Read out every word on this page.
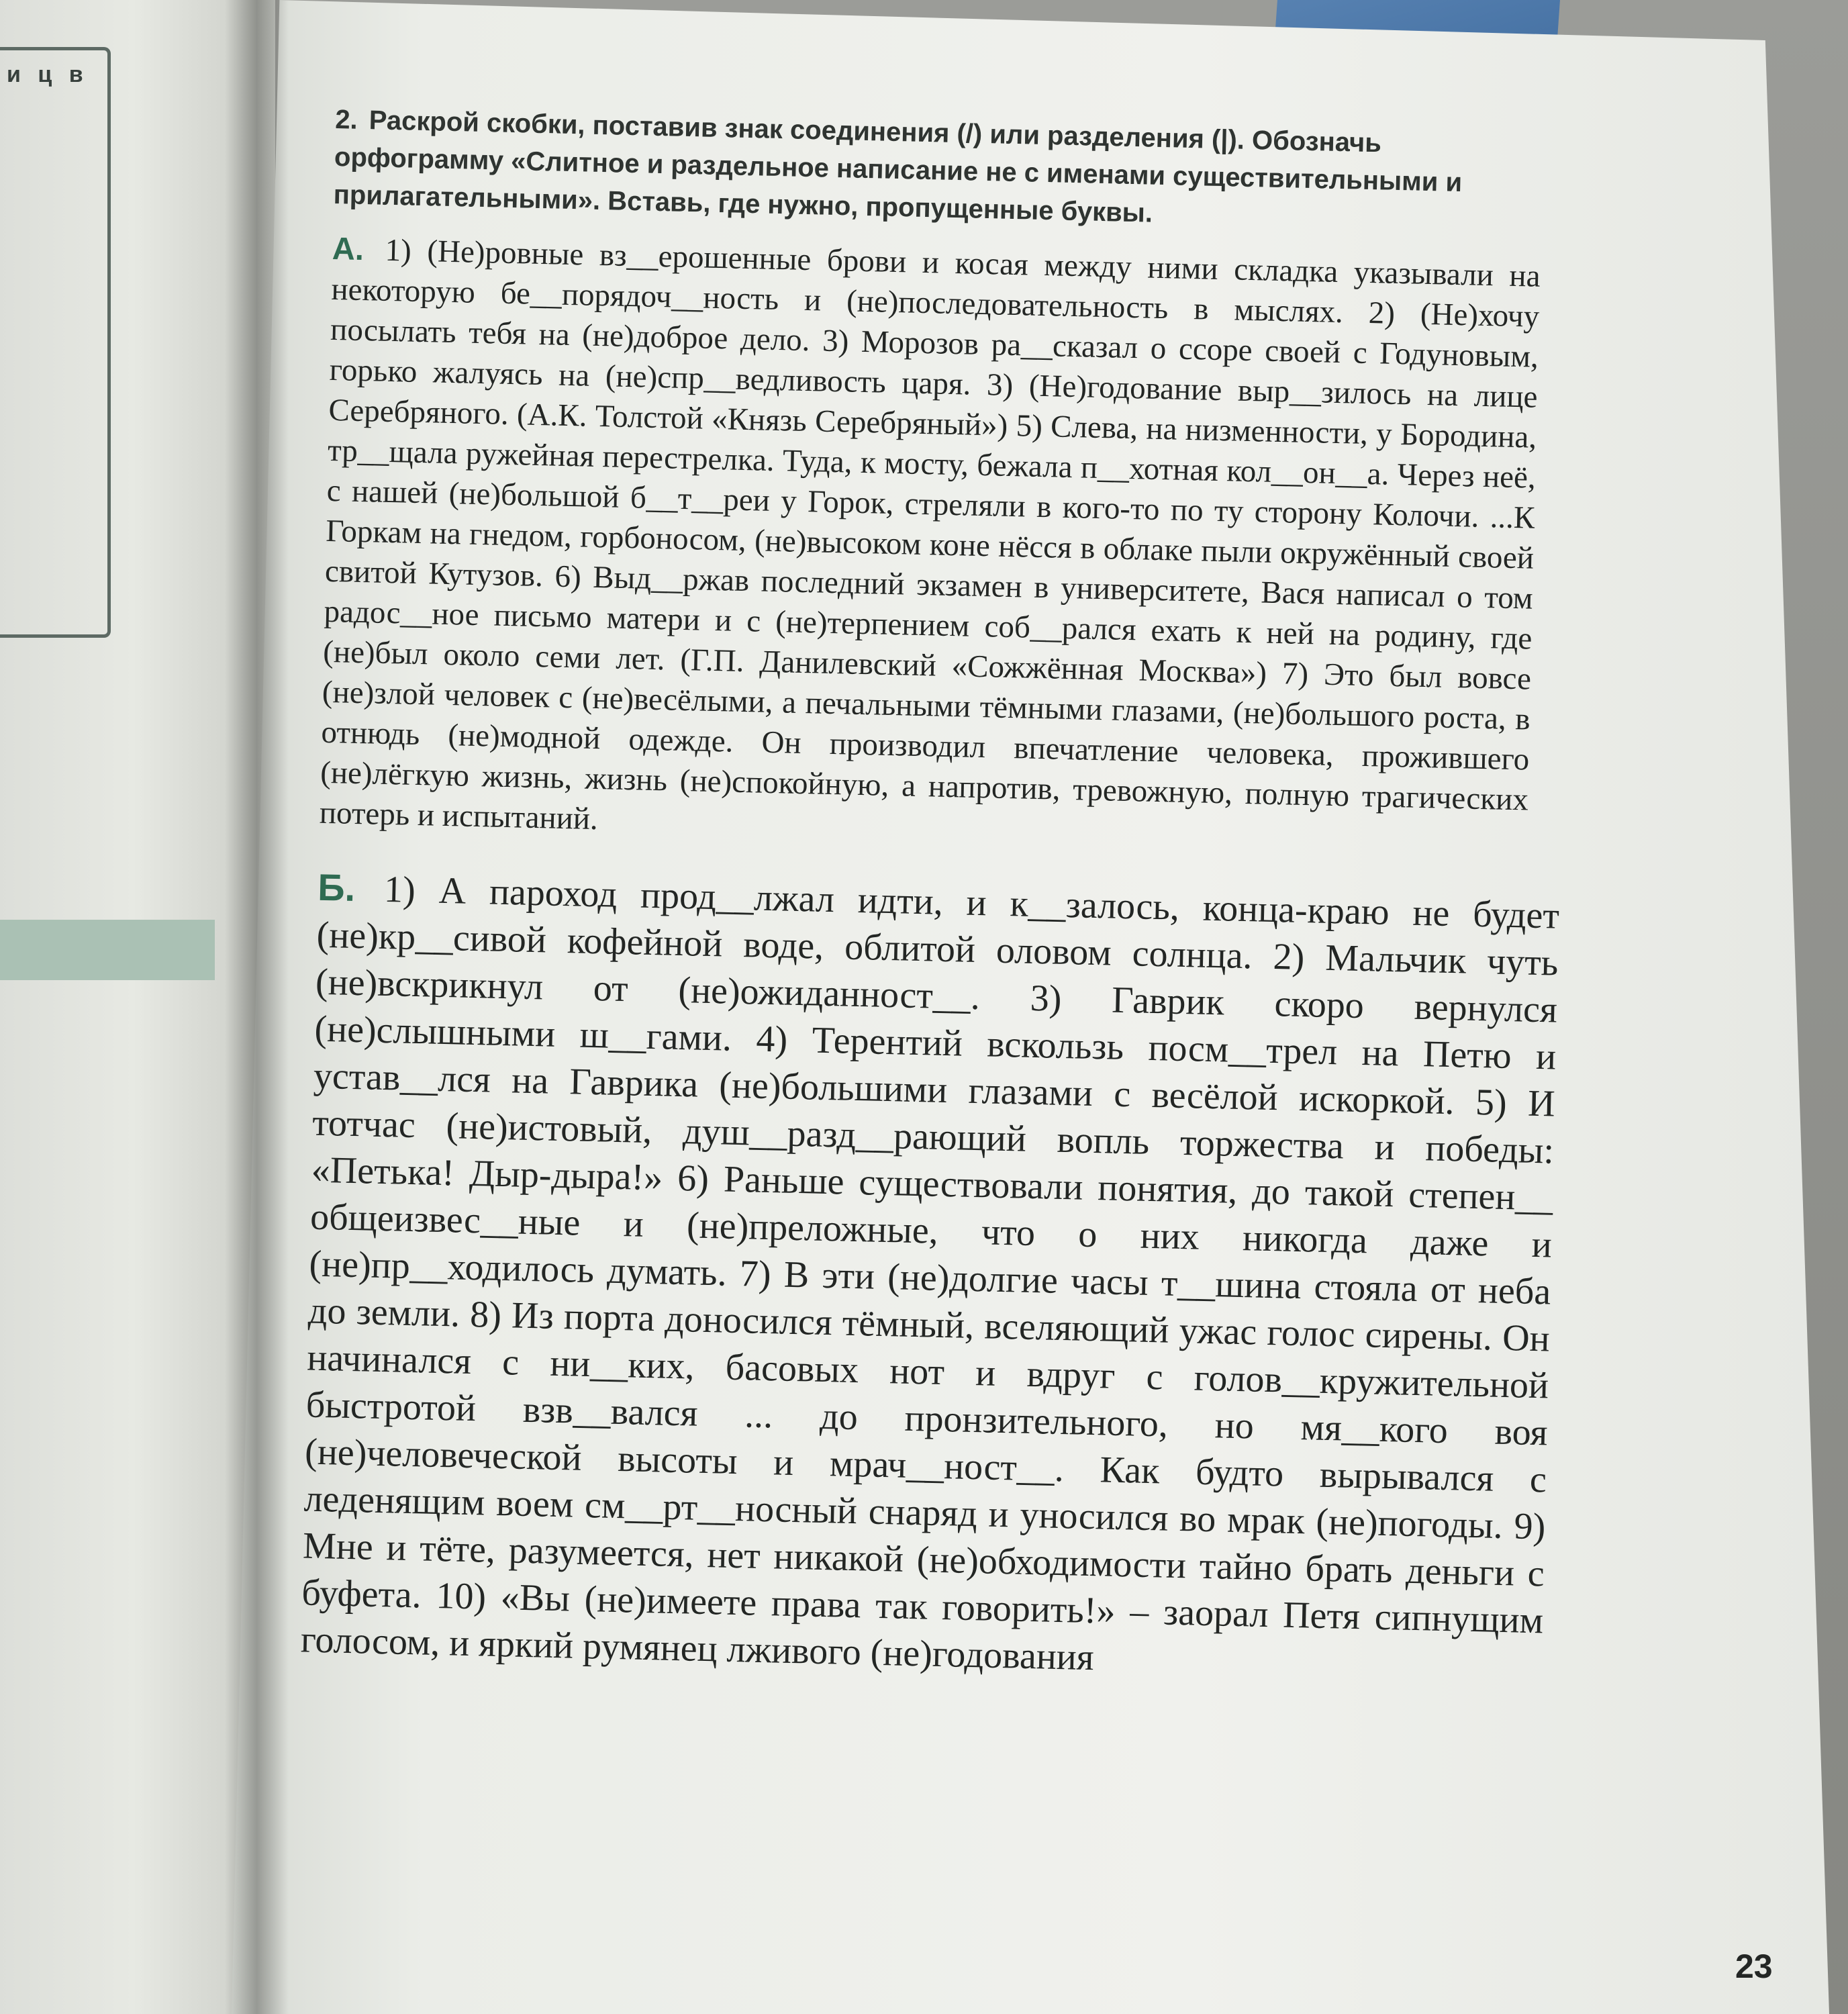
и ц в

2. Раскрой скобки, поставив знак соединения (/) или разделения (|). Обозначь орфограмму «Слитное и раздельное написание не с именами существительными и прилагательными». Вставь, где нужно, пропущенные буквы.

А. 1) (Не)ровные вз__ерошенные брови и косая между ними складка указывали на некоторую бе__порядоч__ность и (не)последовательность в мыслях. 2) (Не)хочу посылать тебя на (не)доброе дело. 3) Морозов ра__сказал о ссоре своей с Годуновым, горько жалуясь на (не)спр__ведливость царя. 3) (Не)годование выр__зилось на лице Серебряного. (А.К. Толстой «Князь Серебряный») 5) Слева, на низменности, у Бородина, тр__щала ружейная перестрелка. Туда, к мосту, бежала п__хотная кол__он__а. Через неё, с нашей (не)большой б__т__реи у Горок, стреляли в кого-то по ту сторону Колочи. ...К Горкам на гнедом, горбоносом, (не)высоком коне нёсся в облаке пыли окружённый своей свитой Кутузов. 6) Выд__ржав последний экзамен в университете, Вася написал о том радос__ное письмо матери и с (не)терпением соб__рался ехать к ней на родину, где (не)был около семи лет. (Г.П. Данилевский «Сожжённая Москва») 7) Это был вовсе (не)злой человек с (не)весёлыми, а печальными тёмными глазами, (не)большого роста, в отнюдь (не)модной одежде. Он производил впечатление человека, прожившего (не)лёгкую жизнь, жизнь (не)спокойную, а напротив, тревожную, полную трагических потерь и испытаний.

Б. 1) А пароход прод__лжал идти, и к__залось, конца-краю не будет (не)кр__сивой кофейной воде, облитой оловом солнца. 2) Мальчик чуть (не)вскрикнул от (не)ожиданност__. 3) Гаврик скоро вернулся (не)слышными ш__гами. 4) Терентий вскользь посм__трел на Петю и устав__лся на Гаврика (не)большими глазами с весёлой искоркой. 5) И тотчас (не)истовый, душ__разд__рающий вопль торжества и победы: «Петька! Дыр-дыра!» 6) Раньше существовали понятия, до такой степен__ общеизвес__ные и (не)преложные, что о них никогда даже и (не)пр__ходилось думать. 7) В эти (не)долгие часы т__шина стояла от неба до земли. 8) Из порта доносился тёмный, вселяющий ужас голос сирены. Он начинался с ни__ких, басовых нот и вдруг с голов__кружительной быстротой взв__вался ... до пронзительного, но мя__кого воя (не)человеческой высоты и мрач__ност__. Как будто вырывался с леденящим воем см__рт__носный снаряд и уносился во мрак (не)погоды. 9) Мне и тёте, разумеется, нет никакой (не)обходимости тайно брать деньги с буфета. 10) «Вы (не)имеете права так говорить!» – заорал Петя сипнущим голосом, и яркий румянец лживого (не)годования

23
